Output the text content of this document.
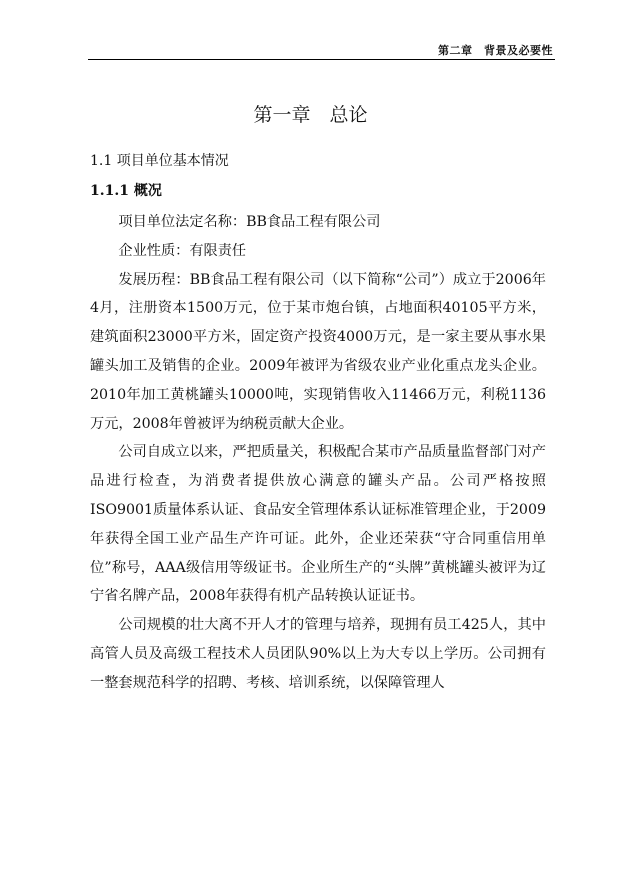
第二章　背景及必要性
第一章　总论
1.1 项目单位基本情况
1.1.1 概况

项目单位法定名称：BB食品工程有限公司

企业性质：有限责任

发展历程：BB食品工程有限公司（以下简称“公司”）成立于2006年4月，注册资本1500万元，位于某市炮台镇，占地面积40105平方米，建筑面积23000平方米，固定资产投资4000万元，是一家主要从事水果罐头加工及销售的企业。2009年被评为省级农业产业化重点龙头企业。2010年加工黄桃罐头10000吨，实现销售收入11466万元，利税1136万元，2008年曾被评为纳税贡献大企业。

公司自成立以来，严把质量关，积极配合某市产品质量监督部门对产品进行检查，为消费者提供放心满意的罐头产品。公司严格按照ISO9001质量体系认证、食品安全管理体系认证标准管理企业，于2009年获得全国工业产品生产许可证。此外，企业还荣获“守合同重信用单位”称号，AAA级信用等级证书。企业所生产的“头牌”黄桃罐头被评为辽宁省名牌产品，2008年获得有机产品转换认证证书。

公司规模的壮大离不开人才的管理与培养，现拥有员工425人，其中高管人员及高级工程技术人员团队90%以上为大专以上学历。公司拥有一整套规范科学的招聘、考核、培训系统，以保障管理人
